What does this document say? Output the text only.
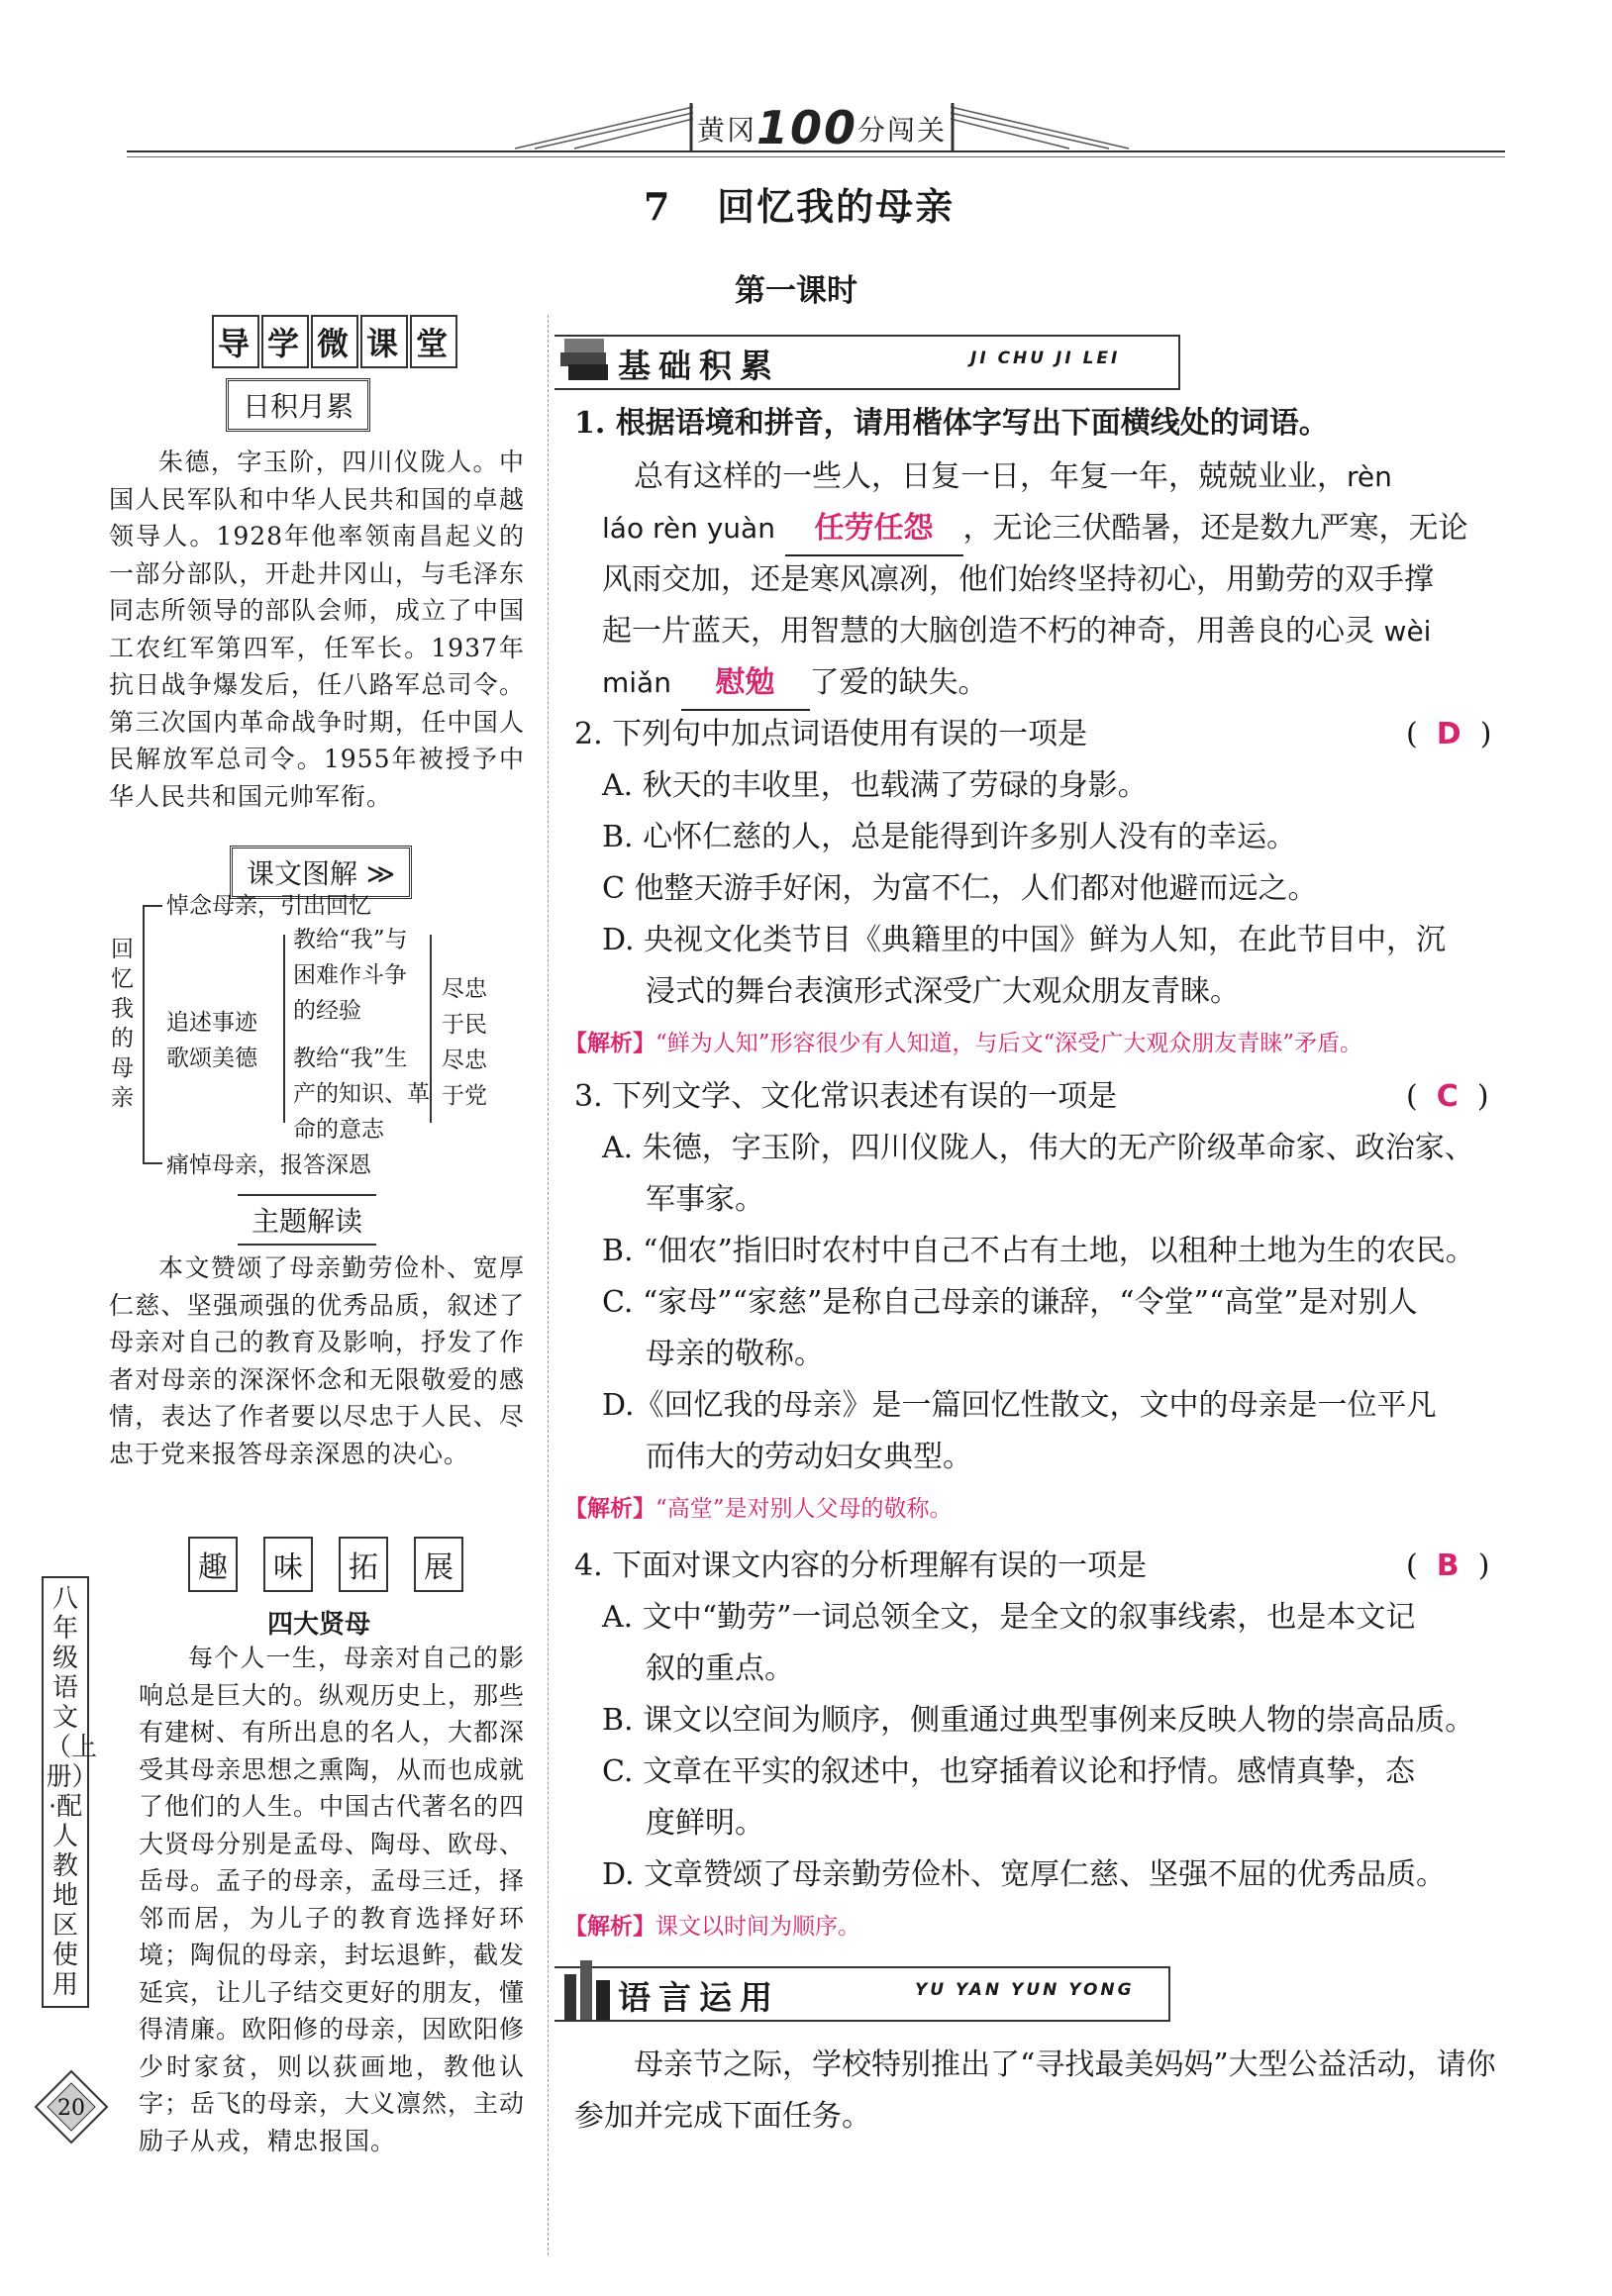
黄冈100分闯关
7 回忆我的母亲
第一课时
导 学 微 课 堂
日积月累

朱德，字玉阶，四川仪陇人。中国人民军队和中华人民共和国的卓越领导人。1928年他率领南昌起义的一部分部队，开赴井冈山，与毛泽东同志所领导的部队会师，成立了中国工农红军第四军，任军长。1937年抗日战争爆发后，任八路军总司令。第三次国内革命战争时期，任中国人民解放军总司令。1955年被授予中华人民共和国元帅军衔。

课文图解 ≫
回忆我的母亲
悼念母亲，引出回忆
追述事迹
歌颂美德
教给“我”与
困难作斗争
的经验
教给“我”生
产的知识、革
命的意志
尽忠
于民
尽忠
于党
痛悼母亲，报答深恩
主题解读

本文赞颂了母亲勤劳俭朴、宽厚仁慈、坚强顽强的优秀品质，叙述了母亲对自己的教育及影响，抒发了作者对母亲的深深怀念和无限敬爱的感情，表达了作者要以尽忠于人民、尽忠于党来报答母亲深恩的决心。

趣 味 拓 展
四大贤母

每个人一生，母亲对自己的影响总是巨大的。纵观历史上，那些有建树、有所出息的名人，大都深受其母亲思想之熏陶，从而也成就了他们的人生。中国古代著名的四大贤母分别是孟母、陶母、欧母、岳母。孟子的母亲，孟母三迁，择邻而居，为儿子的教育选择好环境；陶侃的母亲，封坛退鲊，截发延宾，让儿子结交更好的朋友，懂得清廉。欧阳修的母亲，因欧阳修少时家贫，则以荻画地，教他认字；岳飞的母亲，大义凛然，主动励子从戎，精忠报国。

八年级语文（上册）·配人教地区使用
20
基础积累	JI CHU JI LEI
1. 根据语境和拼音，请用楷体字写出下面横线处的词语。
总有这样的一些人，日复一日，年复一年，兢兢业业，rèn
láo rèn yuàn 任劳任怨 ，无论三伏酷暑，还是数九严寒，无论
风雨交加，还是寒风凛冽，他们始终坚持初心，用勤劳的双手撑
起一片蓝天，用智慧的大脑创造不朽的神奇，用善良的心灵 wèi
miǎn 慰勉 了爱的缺失。
2. 下列句中加点词语使用有误的一项是	(  D  )
A. 秋天的丰收里，也载满了劳碌的身影。
B. 心怀仁慈的人，总是能得到许多别人没有的幸运。
C 他整天游手好闲，为富不仁，人们都对他避而远之。
D. 央视文化类节目《典籍里的中国》鲜为人知，在此节目中，沉
浸式的舞台表演形式深受广大观众朋友青睐。
【解析】“鲜为人知”形容很少有人知道，与后文“深受广大观众朋友青睐”矛盾。
3. 下列文学、文化常识表述有误的一项是	(  C  )
A. 朱德，字玉阶，四川仪陇人，伟大的无产阶级革命家、政治家、
军事家。
B. “佃农”指旧时农村中自己不占有土地，以租种土地为生的农民。
C. “家母”“家慈”是称自己母亲的谦辞，“令堂”“高堂”是对别人
母亲的敬称。
D.《回忆我的母亲》是一篇回忆性散文，文中的母亲是一位平凡
而伟大的劳动妇女典型。
【解析】“高堂”是对别人父母的敬称。
4. 下面对课文内容的分析理解有误的一项是	(  B  )
A. 文中“勤劳”一词总领全文，是全文的叙事线索，也是本文记
叙的重点。
B. 课文以空间为顺序，侧重通过典型事例来反映人物的崇高品质。
C. 文章在平实的叙述中，也穿插着议论和抒情。感情真挚，态
度鲜明。
D. 文章赞颂了母亲勤劳俭朴、宽厚仁慈、坚强不屈的优秀品质。
【解析】课文以时间为顺序。
语言运用	YU YAN YUN YONG
母亲节之际，学校特别推出了“寻找最美妈妈”大型公益活动，请你
参加并完成下面任务。
